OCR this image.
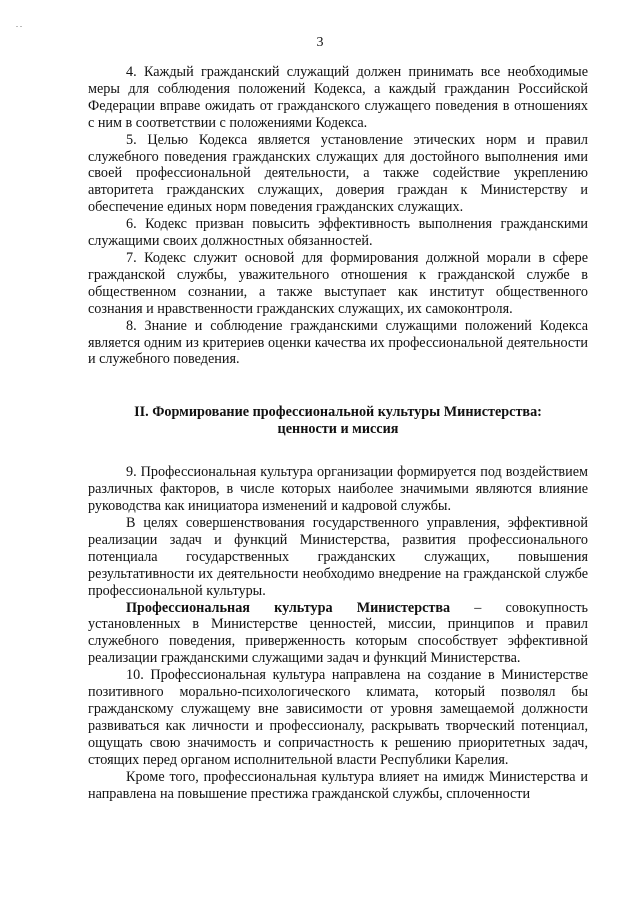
3

4. Каждый гражданский служащий должен принимать все необходимые меры для соблюдения положений Кодекса, а каждый гражданин Российской Федерации вправе ожидать от гражданского служащего поведения в отношениях с ним в соответствии с положениями Кодекса.

5. Целью Кодекса является установление этических норм и правил служебного поведения гражданских служащих для достойного выполнения ими своей профессиональной деятельности, а также содействие укреплению авторитета гражданских служащих, доверия граждан к Министерству и обеспечение единых норм поведения гражданских служащих.

6. Кодекс призван повысить эффективность выполнения гражданскими служащими своих должностных обязанностей.

7. Кодекс служит основой для формирования должной морали в сфере гражданской службы, уважительного отношения к гражданской службе в общественном сознании, а также выступает как институт общественного сознания и нравственности гражданских служащих, их самоконтроля.

8. Знание и соблюдение гражданскими служащими положений Кодекса является одним из критериев оценки качества их профессиональной деятельности и служебного поведения.

II. Формирование профессиональной культуры Министерства:
ценности и миссия

9. Профессиональная культура организации формируется под воздействием различных факторов, в числе которых наиболее значимыми являются влияние руководства как инициатора изменений и кадровой службы.

В целях совершенствования государственного управления, эффективной реализации задач и функций Министерства, развития профессионального потенциала государственных гражданских служащих, повышения результативности их деятельности необходимо внедрение на гражданской службе профессиональной культуры.

Профессиональная культура Министерства – совокупность установленных в Министерстве ценностей, миссии, принципов и правил служебного поведения, приверженность которым способствует эффективной реализации гражданскими служащими задач и функций Министерства.

10. Профессиональная культура направлена на создание в Министерстве позитивного морально-психологического климата, который позволял бы гражданскому служащему вне зависимости от уровня замещаемой должности развиваться как личности и профессионалу, раскрывать творческий потенциал, ощущать свою значимость и сопричастность к решению приоритетных задач, стоящих перед органом исполнительной власти Республики Карелия.

Кроме того, профессиональная культура влияет на имидж Министерства и направлена на повышение престижа гражданской службы, сплоченности
